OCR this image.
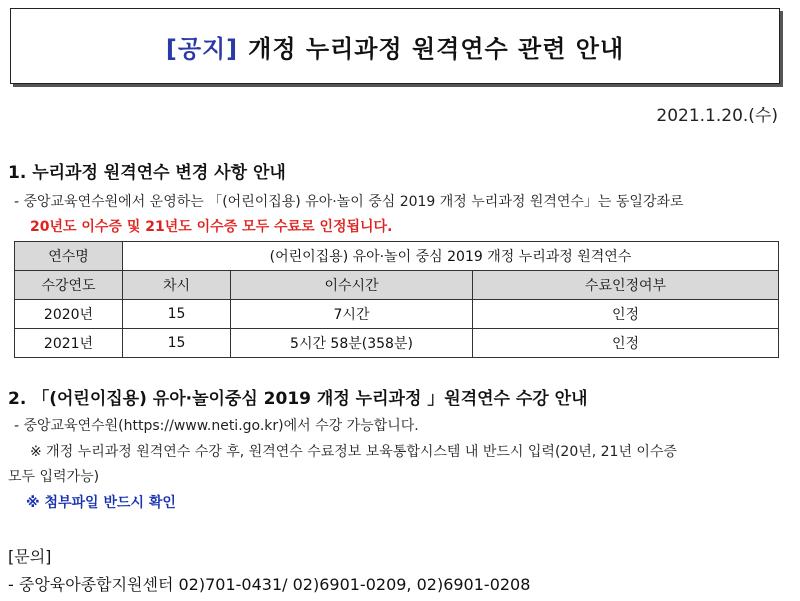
[공지] 개정 누리과정 원격연수 관련 안내
2021.1.20.(수)
1. 누리과정 원격연수 변경 사항 안내
- 중앙교육연수원에서 운영하는 「(어린이집용) 유아·놀이 중심 2019 개정 누리과정 원격연수」는 동일강좌로
20년도 이수증 및 21년도 이수증 모두 수료로 인정됩니다.
연수명	(어린이집용) 유아·놀이 중심 2019 개정 누리과정 원격연수		
수강연도	차시	이수시간	수료인정여부
2020년	15	7시간	인정
2021년	15	5시간 58분(358분)	인정
2. 「(어린이집용) 유아·놀이중심 2019 개정 누리과정 」원격연수 수강 안내
- 중앙교육연수원(https://www.neti.go.kr)에서 수강 가능합니다.
※ 개정 누리과정 원격연수 수강 후, 원격연수 수료정보 보육통합시스템 내 반드시 입력(20년, 21년 이수증
모두 입력가능)
※ 첨부파일 반드시 확인
[문의]
- 중앙육아종합지원센터 02)701-0431/ 02)6901-0209, 02)6901-0208
